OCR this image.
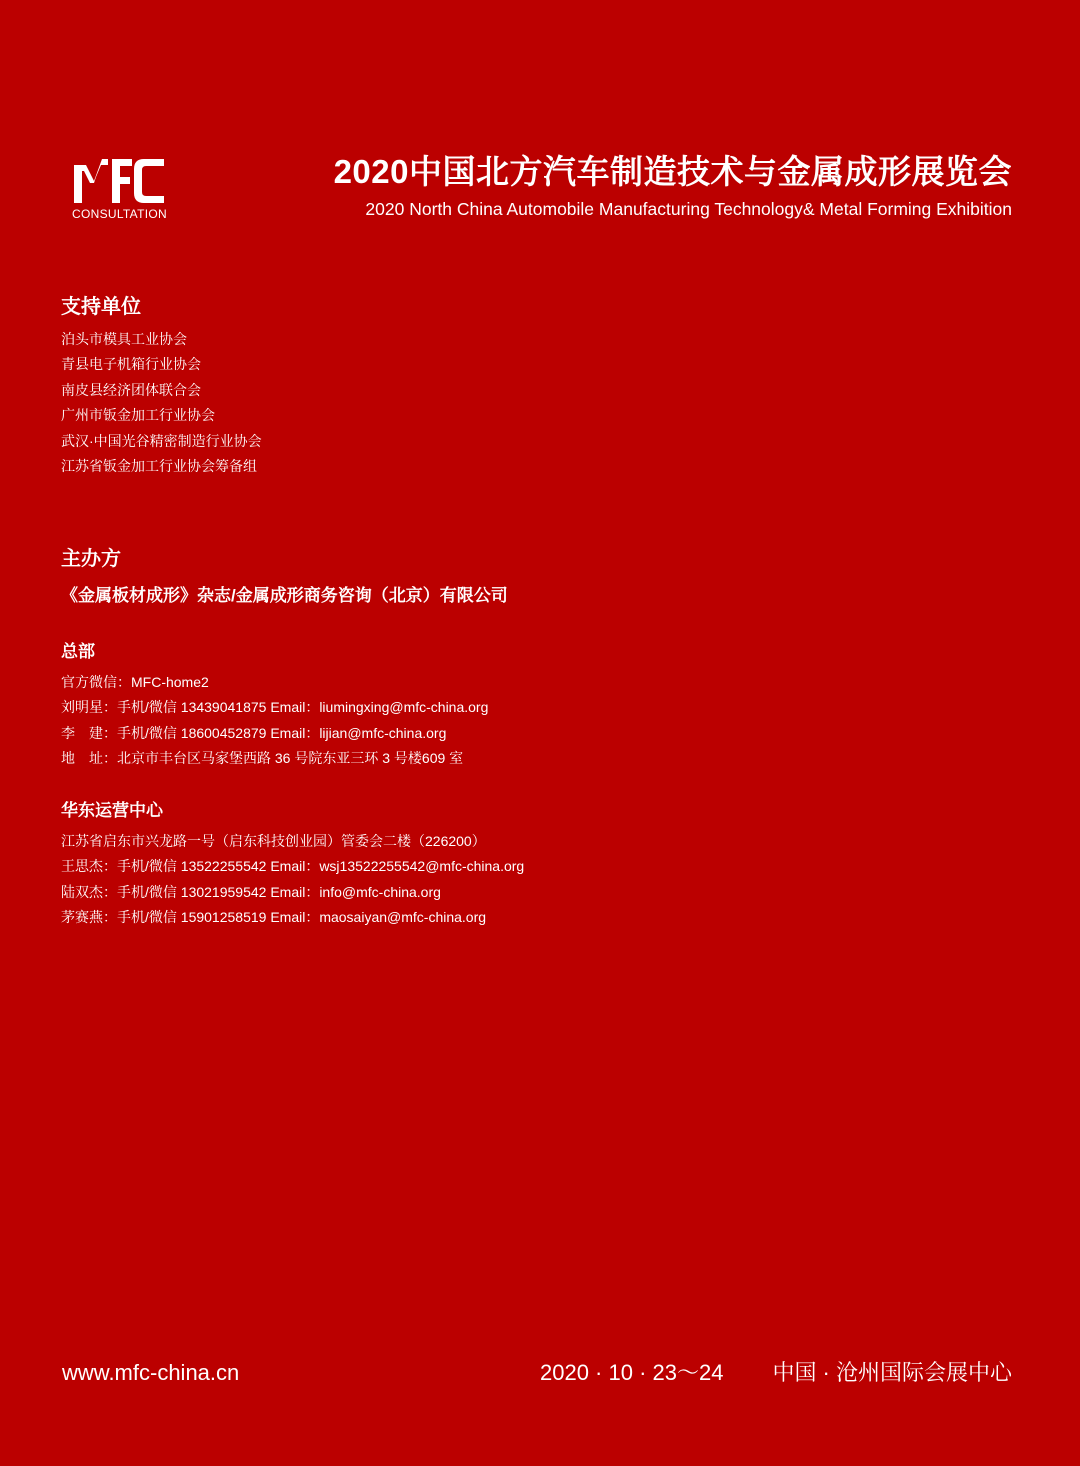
CONSULTATION
2020中国北方汽车制造技术与金属成形展览会
2020 North China Automobile Manufacturing Technology& Metal Forming Exhibition
支持单位
泊头市模具工业协会
青县电子机箱行业协会
南皮县经济团体联合会
广州市钣金加工行业协会
武汉·中国光谷精密制造行业协会
江苏省钣金加工行业协会筹备组
主办方
《金属板材成形》杂志/金属成形商务咨询（北京）有限公司
总部
官方微信：MFC-home2
刘明星：手机/微信 13439041875 Email：liumingxing@mfc-china.org
李　建：手机/微信 18600452879 Email：lijian@mfc-china.org
地　址：北京市丰台区马家堡西路 36 号院东亚三环 3 号楼609 室
华东运营中心
江苏省启东市兴龙路一号（启东科技创业园）管委会二楼（226200）
王思杰：手机/微信 13522255542 Email：wsj13522255542@mfc-china.org
陆双杰：手机/微信 13021959542 Email：info@mfc-china.org
茅赛燕：手机/微信 15901258519 Email：maosaiyan@mfc-china.org
www.mfc-china.cn	2020 · 10 · 23～24 中国 · 沧州国际会展中心
